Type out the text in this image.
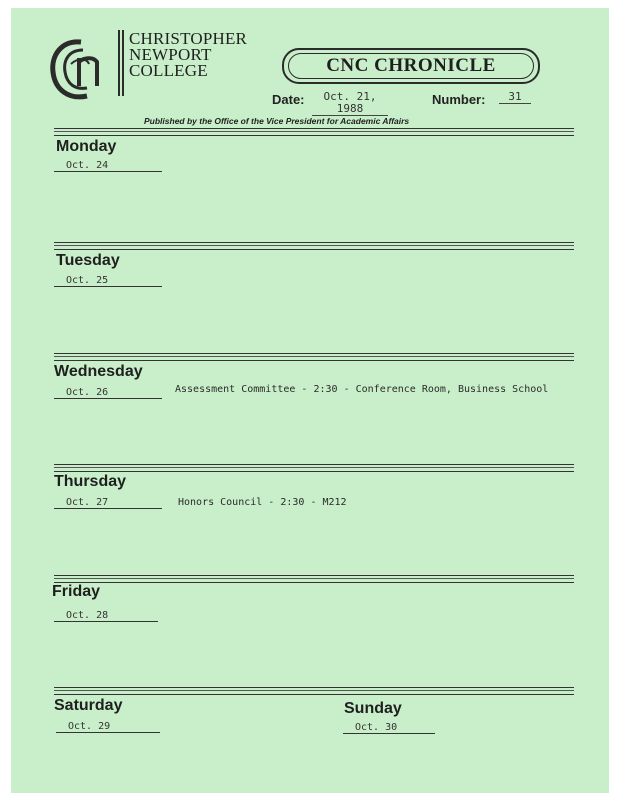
CHRISTOPHER
NEWPORT
COLLEGE	CNC CHRONICLE
Date:	Oct. 21, 1988
Number:	31
Published by the Office of the Vice President for Academic Affairs
Monday
Oct. 24
Tuesday
Oct. 25
Wednesday
Oct. 26	Assessment Committee - 2:30 - Conference Room, Business School
Thursday
Oct. 27	Honors Council - 2:30 - M212
Friday
Oct. 28
Saturday
Oct. 29
Sunday
Oct. 30
